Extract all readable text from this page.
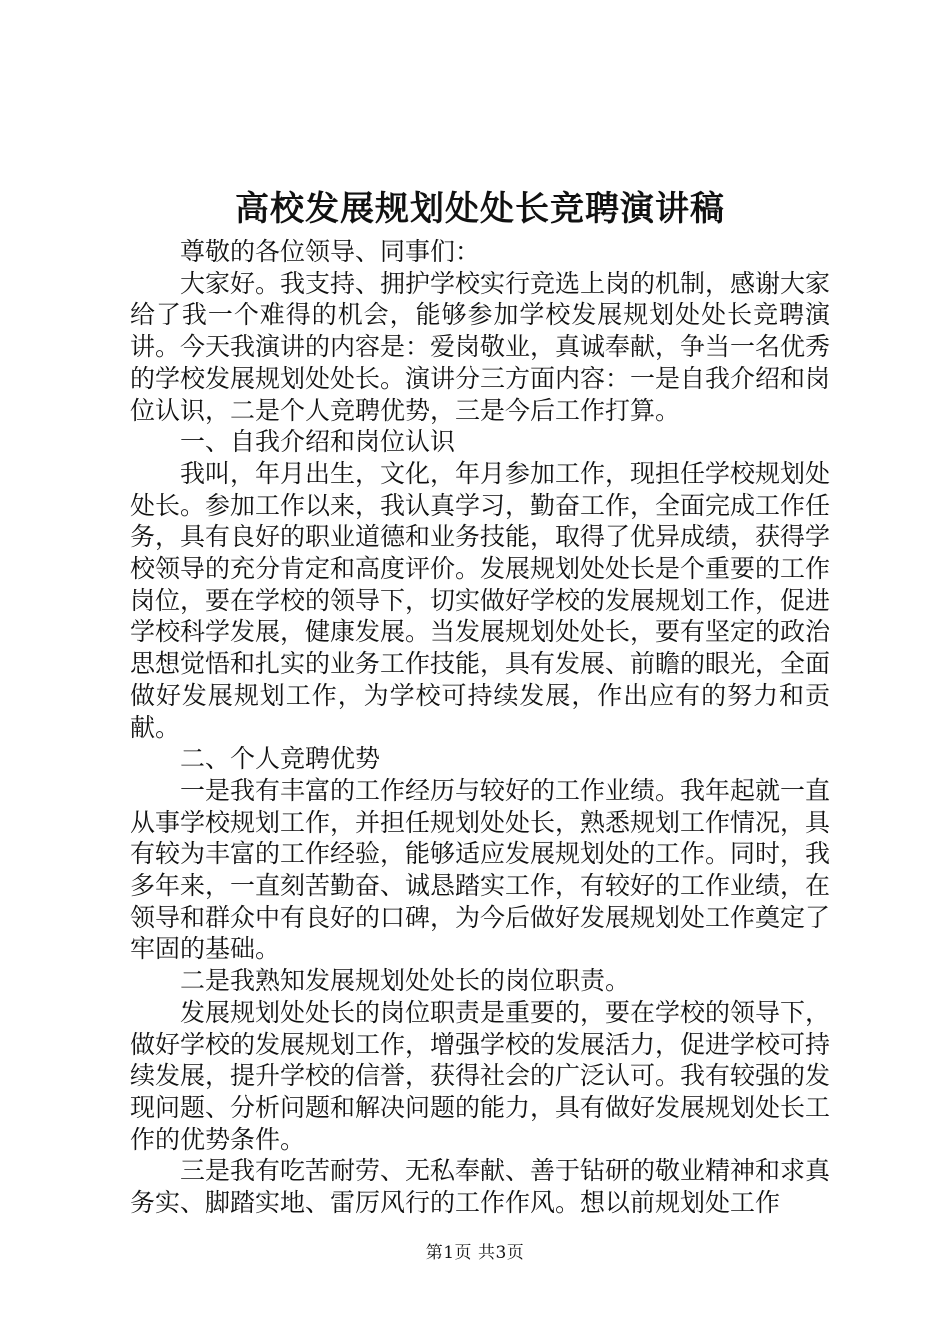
高校发展规划处处长竞聘演讲稿

尊敬的各位领导、同事们：

大家好。我支持、拥护学校实行竞选上岗的机制，感谢大家给了我一个难得的机会，能够参加学校发展规划处处长竞聘演讲。今天我演讲的内容是：爱岗敬业，真诚奉献，争当一名优秀的学校发展规划处处长。演讲分三方面内容：一是自我介绍和岗位认识，二是个人竞聘优势，三是今后工作打算。

一、自我介绍和岗位认识

我叫，年月出生，文化，年月参加工作，现担任学校规划处处长。参加工作以来，我认真学习，勤奋工作，全面完成工作任务，具有良好的职业道德和业务技能，取得了优异成绩，获得学校领导的充分肯定和高度评价。发展规划处处长是个重要的工作岗位，要在学校的领导下，切实做好学校的发展规划工作，促进学校科学发展，健康发展。当发展规划处处长，要有坚定的政治思想觉悟和扎实的业务工作技能，具有发展、前瞻的眼光，全面做好发展规划工作，为学校可持续发展，作出应有的努力和贡献。

二、个人竞聘优势

一是我有丰富的工作经历与较好的工作业绩。我年起就一直从事学校规划工作，并担任规划处处长，熟悉规划工作情况，具有较为丰富的工作经验，能够适应发展规划处的工作。同时，我多年来，一直刻苦勤奋、诚恳踏实工作，有较好的工作业绩，在领导和群众中有良好的口碑，为今后做好发展规划处工作奠定了牢固的基础。

二是我熟知发展规划处处长的岗位职责。

发展规划处处长的岗位职责是重要的，要在学校的领导下，做好学校的发展规划工作，增强学校的发展活力，促进学校可持续发展，提升学校的信誉，获得社会的广泛认可。我有较强的发现问题、分析问题和解决问题的能力，具有做好发展规划处长工作的优势条件。

三是我有吃苦耐劳、无私奉献、善于钻研的敬业精神和求真务实、脚踏实地、雷厉风行的工作作风。想以前规划处工作

第1页 共3页
